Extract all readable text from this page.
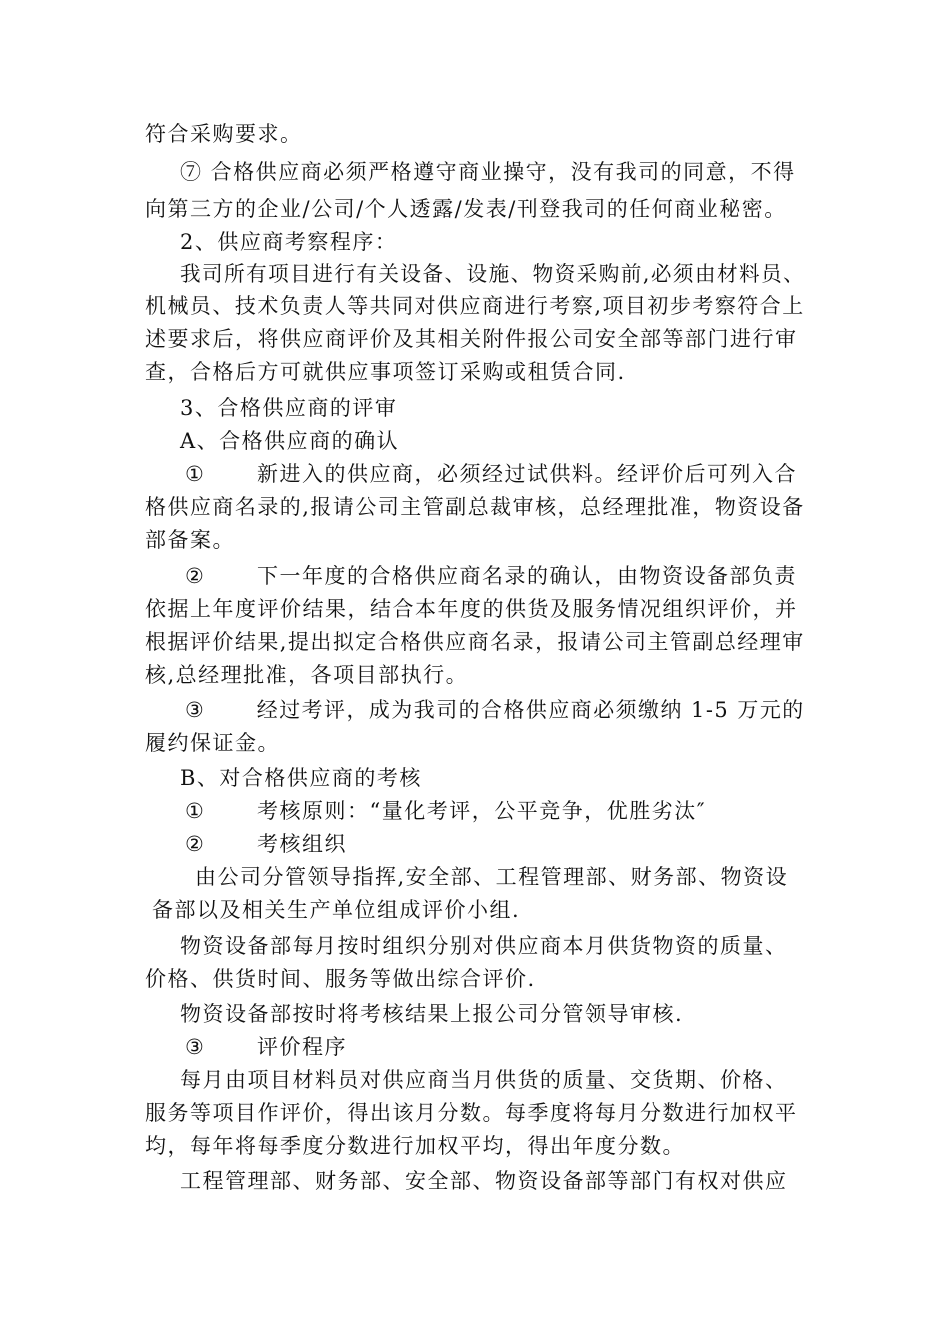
符合采购要求。
⑦ 合格供应商必须严格遵守商业操守，没有我司的同意，不得
向第三方的企业/公司/个人透露/发表/刊登我司的任何商业秘密。
2、供应商考察程序：
我司所有项目进行有关设备、设施、物资采购前,必须由材料员、
机械员、技术负责人等共同对供应商进行考察,项目初步考察符合上
述要求后，将供应商评价及其相关附件报公司安全部等部门进行审
查，合格后方可就供应事项签订采购或租赁合同.
3、合格供应商的评审
A、合格供应商的确认
① 新进入的供应商，必须经过试供料。经评价后可列入合
格供应商名录的,报请公司主管副总裁审核，总经理批准，物资设备
部备案。
② 下一年度的合格供应商名录的确认，由物资设备部负责
依据上年度评价结果，结合本年度的供货及服务情况组织评价，并
根据评价结果,提出拟定合格供应商名录，报请公司主管副总经理审
核,总经理批准，各项目部执行。
③ 经过考评，成为我司的合格供应商必须缴纳 1-5 万元的
履约保证金。
B、对合格供应商的考核
① 考核原则：“量化考评，公平竞争，优胜劣汰″
② 考核组织
由公司分管领导指挥,安全部、工程管理部、财务部、物资设
备部以及相关生产单位组成评价小组.
物资设备部每月按时组织分别对供应商本月供货物资的质量、
价格、供货时间、服务等做出综合评价.
物资设备部按时将考核结果上报公司分管领导审核.
③ 评价程序
每月由项目材料员对供应商当月供货的质量、交货期、价格、
服务等项目作评价，得出该月分数。每季度将每月分数进行加权平
均，每年将每季度分数进行加权平均，得出年度分数。
工程管理部、财务部、安全部、物资设备部等部门有权对供应
